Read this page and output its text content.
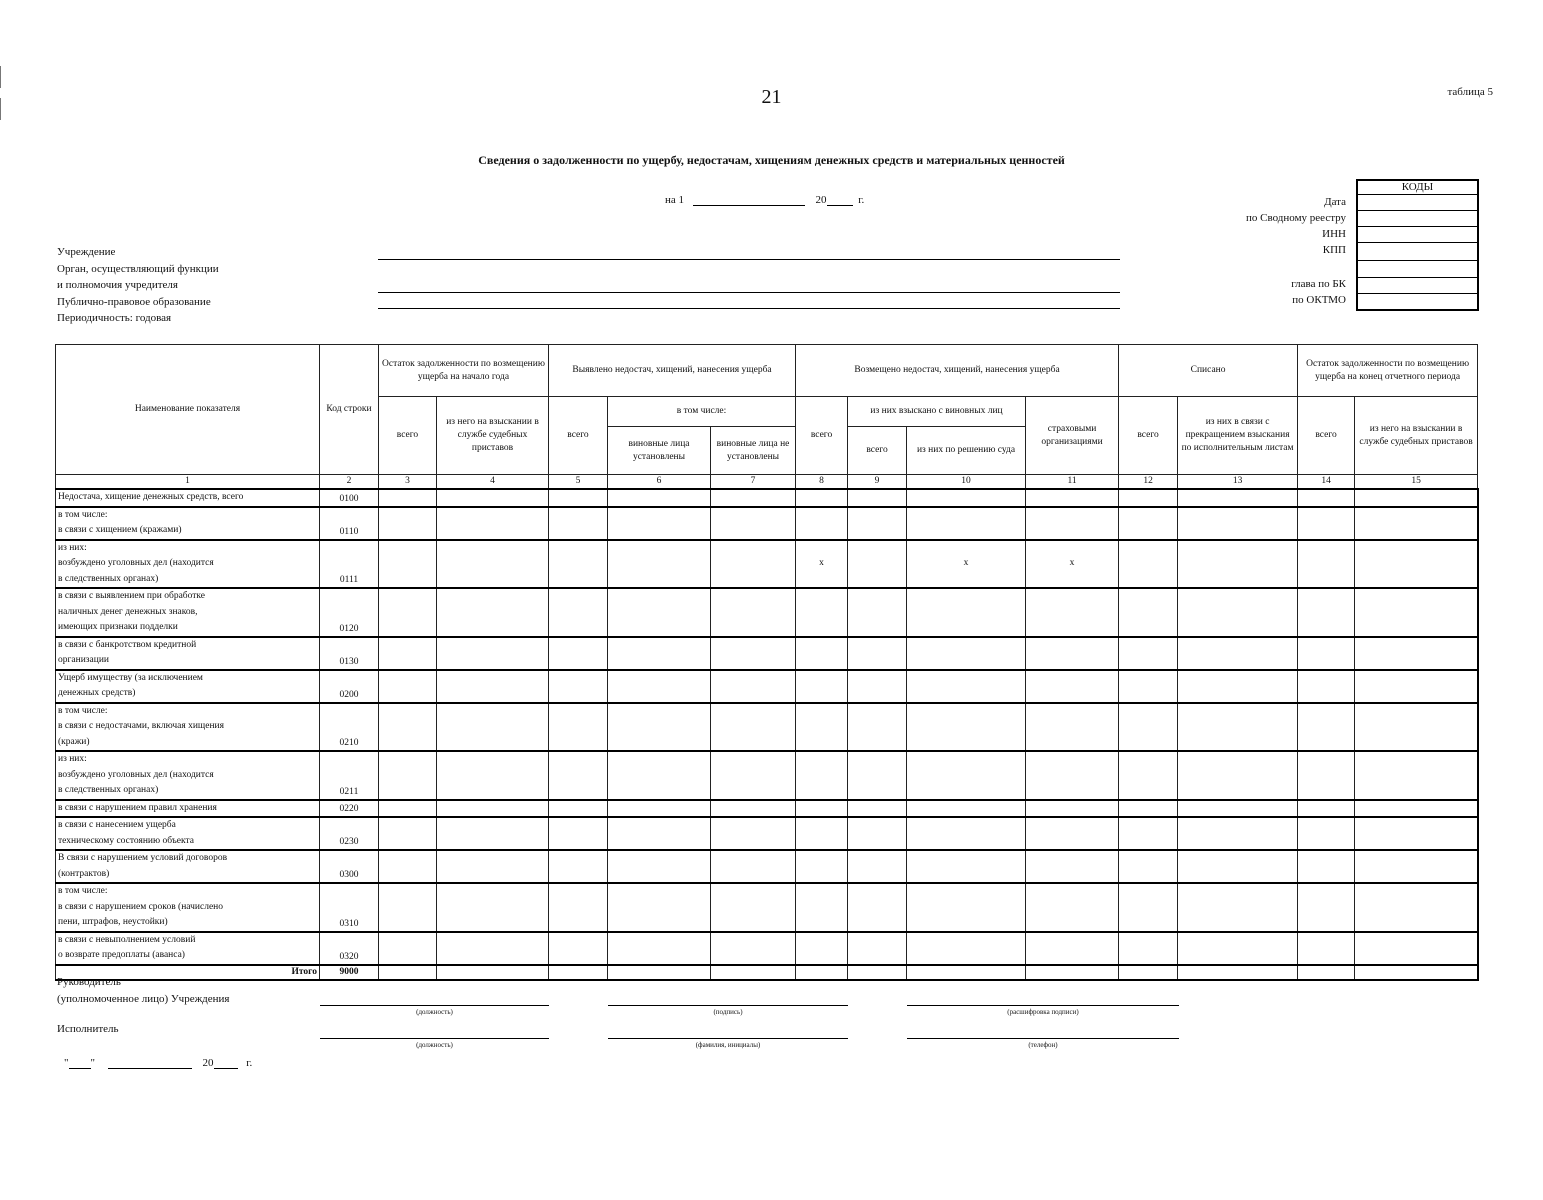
21	таблица 5
Сведения о задолженности по ущербу, недостачам, хищениям денежных средств и материальных ценностей
на 1	20	г.
Учреждение
Орган, осуществляющий функции
и полномочия учредителя
Публично-правовое образование
Периодичность: годовая
Дата
по Сводному реестру
ИНН
КПП
глава по БК
по ОКТМО
КОДЫ
Наименование показателя	Код строки	Остаток задолженности по возмещению ущерба на начало года		Выявлено недостач, хищений, нанесения ущерба			Возмещено недостач, хищений, нанесения ущерба				Списано		Остаток задолженности по возмещению ущерба на конец отчетного периода	
		всего	из него на взыскании в службе судебных приставов	всего	в том числе:		всего	из них взыскано с виновных лиц		страховыми организациями	всего	из них в связи с прекращением взыскания по исполнительным листам	всего	из него на взыскании в службе судебных приставов
					виновные лица установлены	виновные лица не установлены		всего	из них по решению суда					
1	2	3	4	5	6	7	8	9	10	11	12	13	14	15
Недостача, хищение денежных средств, всего	0100													
в том числе:
в связи с хищением (кражами)	0110													
из них:
возбуждено уголовных дел (находится
в следственных органах)	0111						x		x	x				
в связи с выявлением при обработке
наличных денег денежных знаков,
имеющих признаки подделки	0120													
в связи с банкротством кредитной
организации	0130													
Ущерб имуществу (за исключением
денежных средств)	0200													
в том числе:
в связи с недостачами, включая хищения
(кражи)	0210													
из них:
возбуждено уголовных дел (находится
в следственных органах)	0211													
в связи с нарушением правил хранения	0220													
в связи с нанесением ущерба
техническому состоянию объекта	0230													
В связи с нарушением условий договоров
(контрактов)	0300													
в том числе:
в связи с нарушением сроков (начислено
пени, штрафов, неустойки)	0310													
в связи с невыполнением условий
о возврате предоплаты (аванса)	0320													
Итого	9000													
Руководитель
(уполномоченное лицо) Учреждения
Исполнитель
(должность)	(подпись)	(расшифровка подписи)
(должность)	(фамилия, инициалы)	(телефон)
" "	20	г.
